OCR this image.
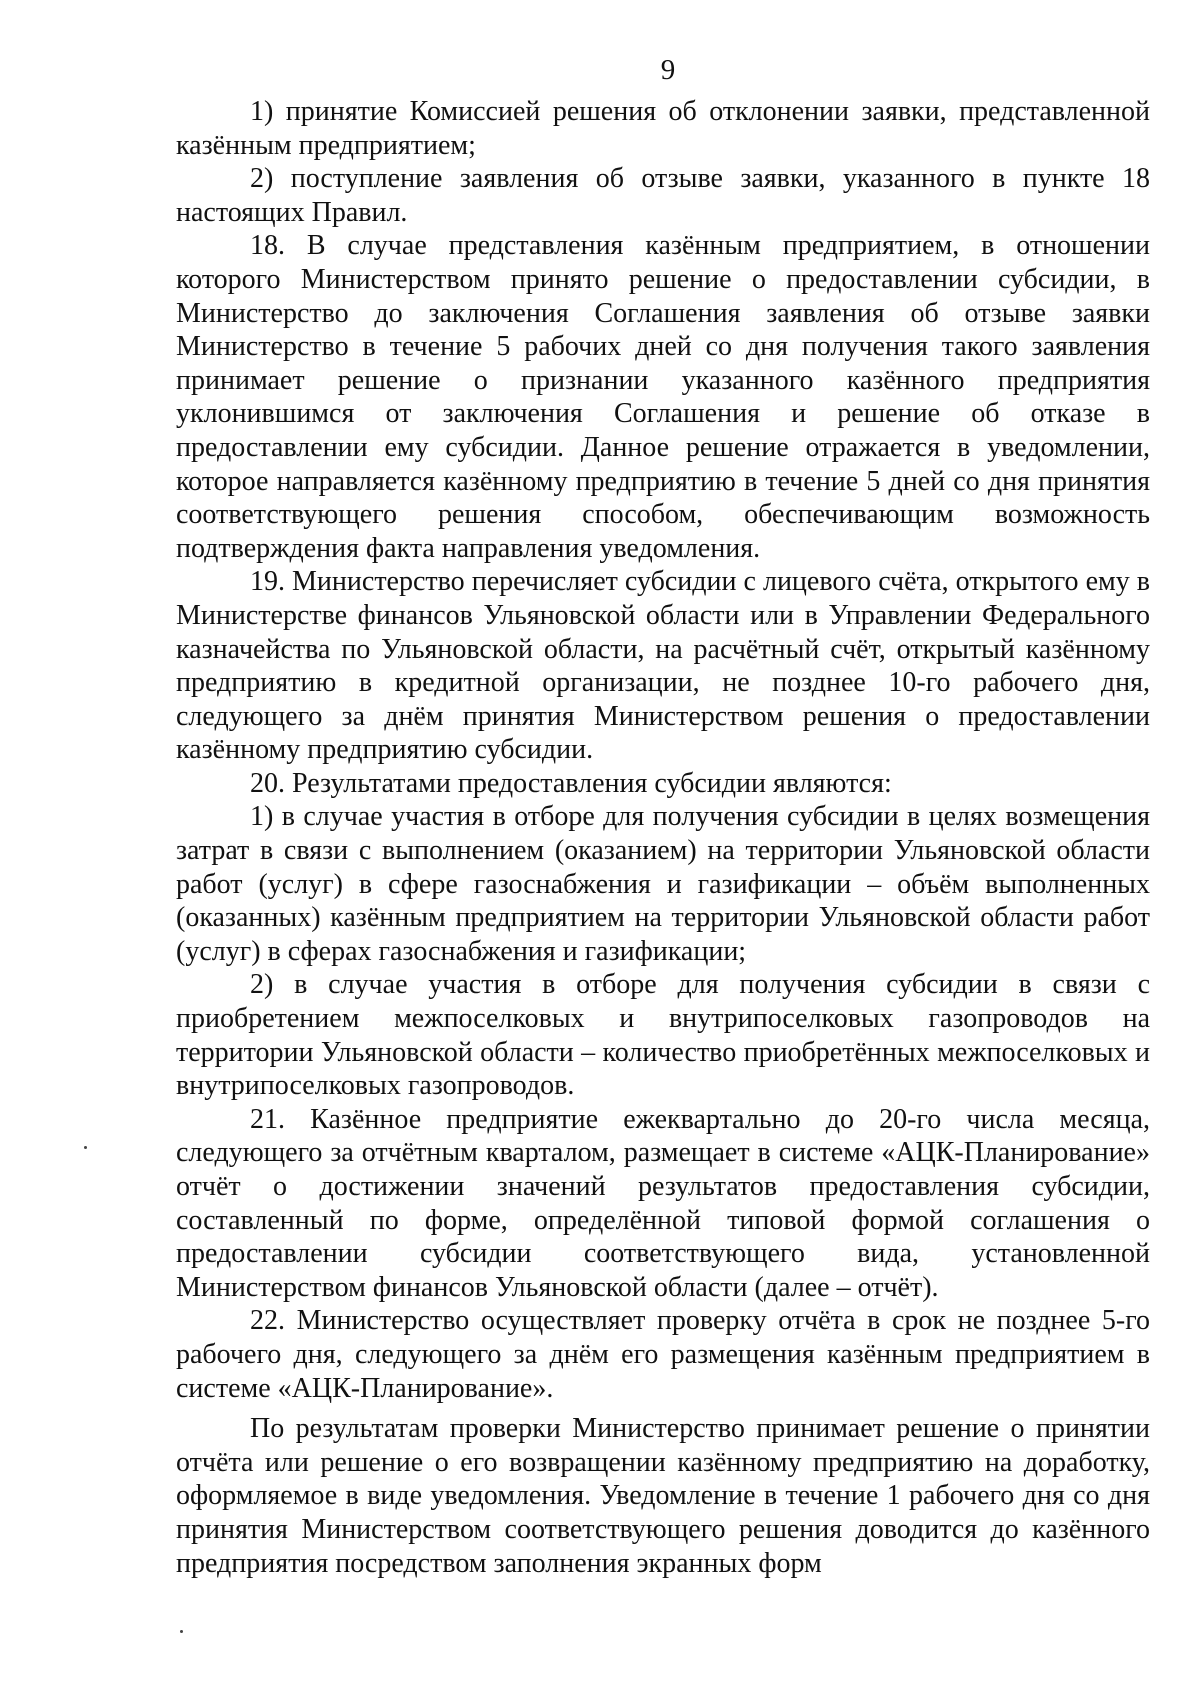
9

1) принятие Комиссией решения об отклонении заявки, представленной казённым предприятием;

2) поступление заявления об отзыве заявки, указанного в пункте 18 настоящих Правил.

18. В случае представления казённым предприятием, в отношении которого Министерством принято решение о предоставлении субсидии, в Министерство до заключения Соглашения заявления об отзыве заявки Министерство в течение 5 рабочих дней со дня получения такого заявления принимает решение о признании указанного казённого предприятия уклонившимся от заключения Соглашения и решение об отказе в предоставлении ему субсидии. Данное решение отражается в уведомлении, которое направляется казённому предприятию в течение 5 дней со дня принятия соответствующего решения способом, обеспечивающим возможность подтверждения факта направления уведомления.

19. Министерство перечисляет субсидии с лицевого счёта, открытого ему в Министерстве финансов Ульяновской области или в Управлении Федерального казначейства по Ульяновской области, на расчётный счёт, открытый казённому предприятию в кредитной организации, не позднее 10-го рабочего дня, следующего за днём принятия Министерством решения о предоставлении казённому предприятию субсидии.

20. Результатами предоставления субсидии являются:

1) в случае участия в отборе для получения субсидии в целях возмещения затрат в связи с выполнением (оказанием) на территории Ульяновской области работ (услуг) в сфере газоснабжения и газификации – объём выполненных (оказанных) казённым предприятием на территории Ульяновской области работ (услуг) в сферах газоснабжения и газификации;

2) в случае участия в отборе для получения субсидии в связи с приобретением межпоселковых и внутрипоселковых газопроводов на территории Ульяновской области – количество приобретённых межпоселковых и внутрипоселковых газопроводов.

21. Казённое предприятие ежеквартально до 20-го числа месяца, следующего за отчётным кварталом, размещает в системе «АЦК-Планирование» отчёт о достижении значений результатов предоставления субсидии, составленный по форме, определённой типовой формой соглашения о предоставлении субсидии соответствующего вида, установленной Министерством финансов Ульяновской области (далее – отчёт).

22. Министерство осуществляет проверку отчёта в срок не позднее 5-го рабочего дня, следующего за днём его размещения казённым предприятием в системе «АЦК-Планирование».

По результатам проверки Министерство принимает решение о принятии отчёта или решение о его возвращении казённому предприятию на доработку, оформляемое в виде уведомления. Уведомление в течение 1 рабочего дня со дня принятия Министерством соответствующего решения доводится до казённого предприятия посредством заполнения экранных форм
